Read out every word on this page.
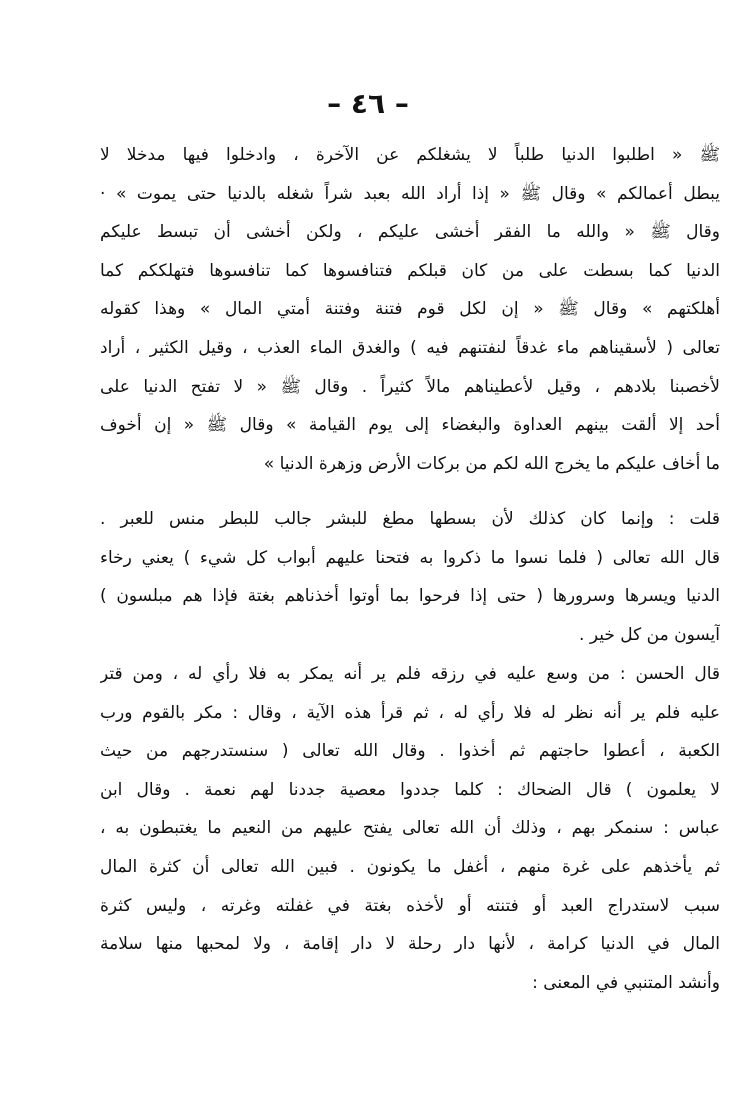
– ٤٦ –
ﷺ « اطلبوا الدنيا طلباً لا يشغلكم عن الآخرة ، وادخلوا فيها مدخلا لا
يبطل أعمالكم » وقال ﷺ « إذا أراد الله بعبد شراً شغله بالدنيا حتى يموت » ·
وقال ﷺ « والله ما الفقر أخشى عليكم ، ولكن أخشى أن تبسط عليكم
الدنيا كما بسطت على من كان قبلكم فتنافسوها كما تنافسوها فتهلككم كما
أهلكتهم » وقال ﷺ « إن لكل قوم فتنة وفتنة أمتي المال » وهذا كقوله
تعالى ( لأسقيناهم ماء غدقاً لنفتنهم فيه ) والغدق الماء العذب ، وقيل الكثير ، أراد
لأخصبنا بلادهم ، وقيل لأعطيناهم مالاً كثيراً . وقال ﷺ « لا تفتح الدنيا على
أحد إلا ألقت بينهم العداوة والبغضاء إلى يوم القيامة » وقال ﷺ « إن أخوف
ما أخاف عليكم ما يخرج الله لكم من بركات الأرض وزهرة الدنيا »
قلت : وإنما كان كذلك لأن بسطها مطغ للبشر جالب للبطر منس للعبر .
قال الله تعالى ( فلما نسوا ما ذكروا به فتحنا عليهم أبواب كل شيء ) يعني رخاء
الدنيا ويسرها وسرورها ( حتى إذا فرحوا بما أوتوا أخذناهم بغتة فإذا هم مبلسون )
آيسون من كل خير .
قال الحسن : من وسع عليه في رزقه فلم ير أنه يمكر به فلا رأي له ، ومن قتر
عليه فلم ير أنه نظر له فلا رأي له ، ثم قرأ هذه الآية ، وقال : مكر بالقوم ورب
الكعبة ، أعطوا حاجتهم ثم أخذوا . وقال الله تعالى ( سنستدرجهم من حيث
لا يعلمون ) قال الضحاك : كلما جددوا معصية جددنا لهم نعمة . وقال ابن
عباس : سنمكر بهم ، وذلك أن الله تعالى يفتح عليهم من النعيم ما يغتبطون به ،
ثم يأخذهم على غرة منهم ، أغفل ما يكونون . فبين الله تعالى أن كثرة المال
سبب لاستدراج العبد أو فتنته أو لأخذه بغتة في غفلته وغرته ، وليس كثرة
المال في الدنيا كرامة ، لأنها دار رحلة لا دار إقامة ، ولا لمحبها منها سلامة
وأنشد المتنبي في المعنى :
